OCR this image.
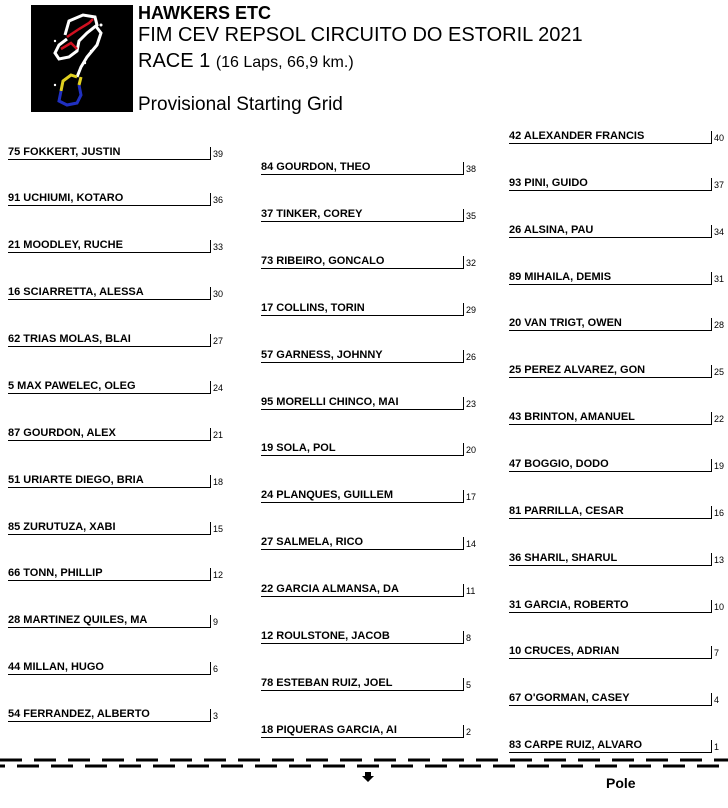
HAWKERS ETC
FIM CEV REPSOL CIRCUITO DO ESTORIL 2021
RACE 1 (16 Laps, 66,9 km.)
Provisional Starting Grid
42 ALEXANDER FRANCIS	40
75 FOKKERT, JUSTIN	39
84 GOURDON, THEO	38
93 PINI, GUIDO	37
91 UCHIUMI, KOTARO	36
37 TINKER, COREY	35
26 ALSINA, PAU	34
21 MOODLEY, RUCHE	33
73 RIBEIRO, GONCALO	32
89 MIHAILA, DEMIS	31
16 SCIARRETTA, ALESSA	30
17 COLLINS, TORIN	29
20 VAN TRIGT, OWEN	28
62 TRIAS MOLAS, BLAI	27
57 GARNESS, JOHNNY	26
25 PEREZ ALVAREZ, GON	25
5 MAX PAWELEC, OLEG	24
95 MORELLI CHINCO, MAI	23
43 BRINTON, AMANUEL	22
87 GOURDON, ALEX	21
19 SOLA, POL	20
47 BOGGIO, DODO	19
51 URIARTE DIEGO, BRIA	18
24 PLANQUES, GUILLEM	17
81 PARRILLA, CESAR	16
85 ZURUTUZA, XABI	15
27 SALMELA, RICO	14
36 SHARIL, SHARUL	13
66 TONN, PHILLIP	12
22 GARCIA ALMANSA, DA	11
31 GARCIA, ROBERTO	10
28 MARTINEZ QUILES, MA	9
12 ROULSTONE, JACOB	8
10 CRUCES, ADRIAN	7
44 MILLAN, HUGO	6
78 ESTEBAN RUIZ, JOEL	5
67 O'GORMAN, CASEY	4
54 FERRANDEZ, ALBERTO	3
18 PIQUERAS GARCIA, AI	2
83 CARPE RUIZ, ALVARO	1
Pole
